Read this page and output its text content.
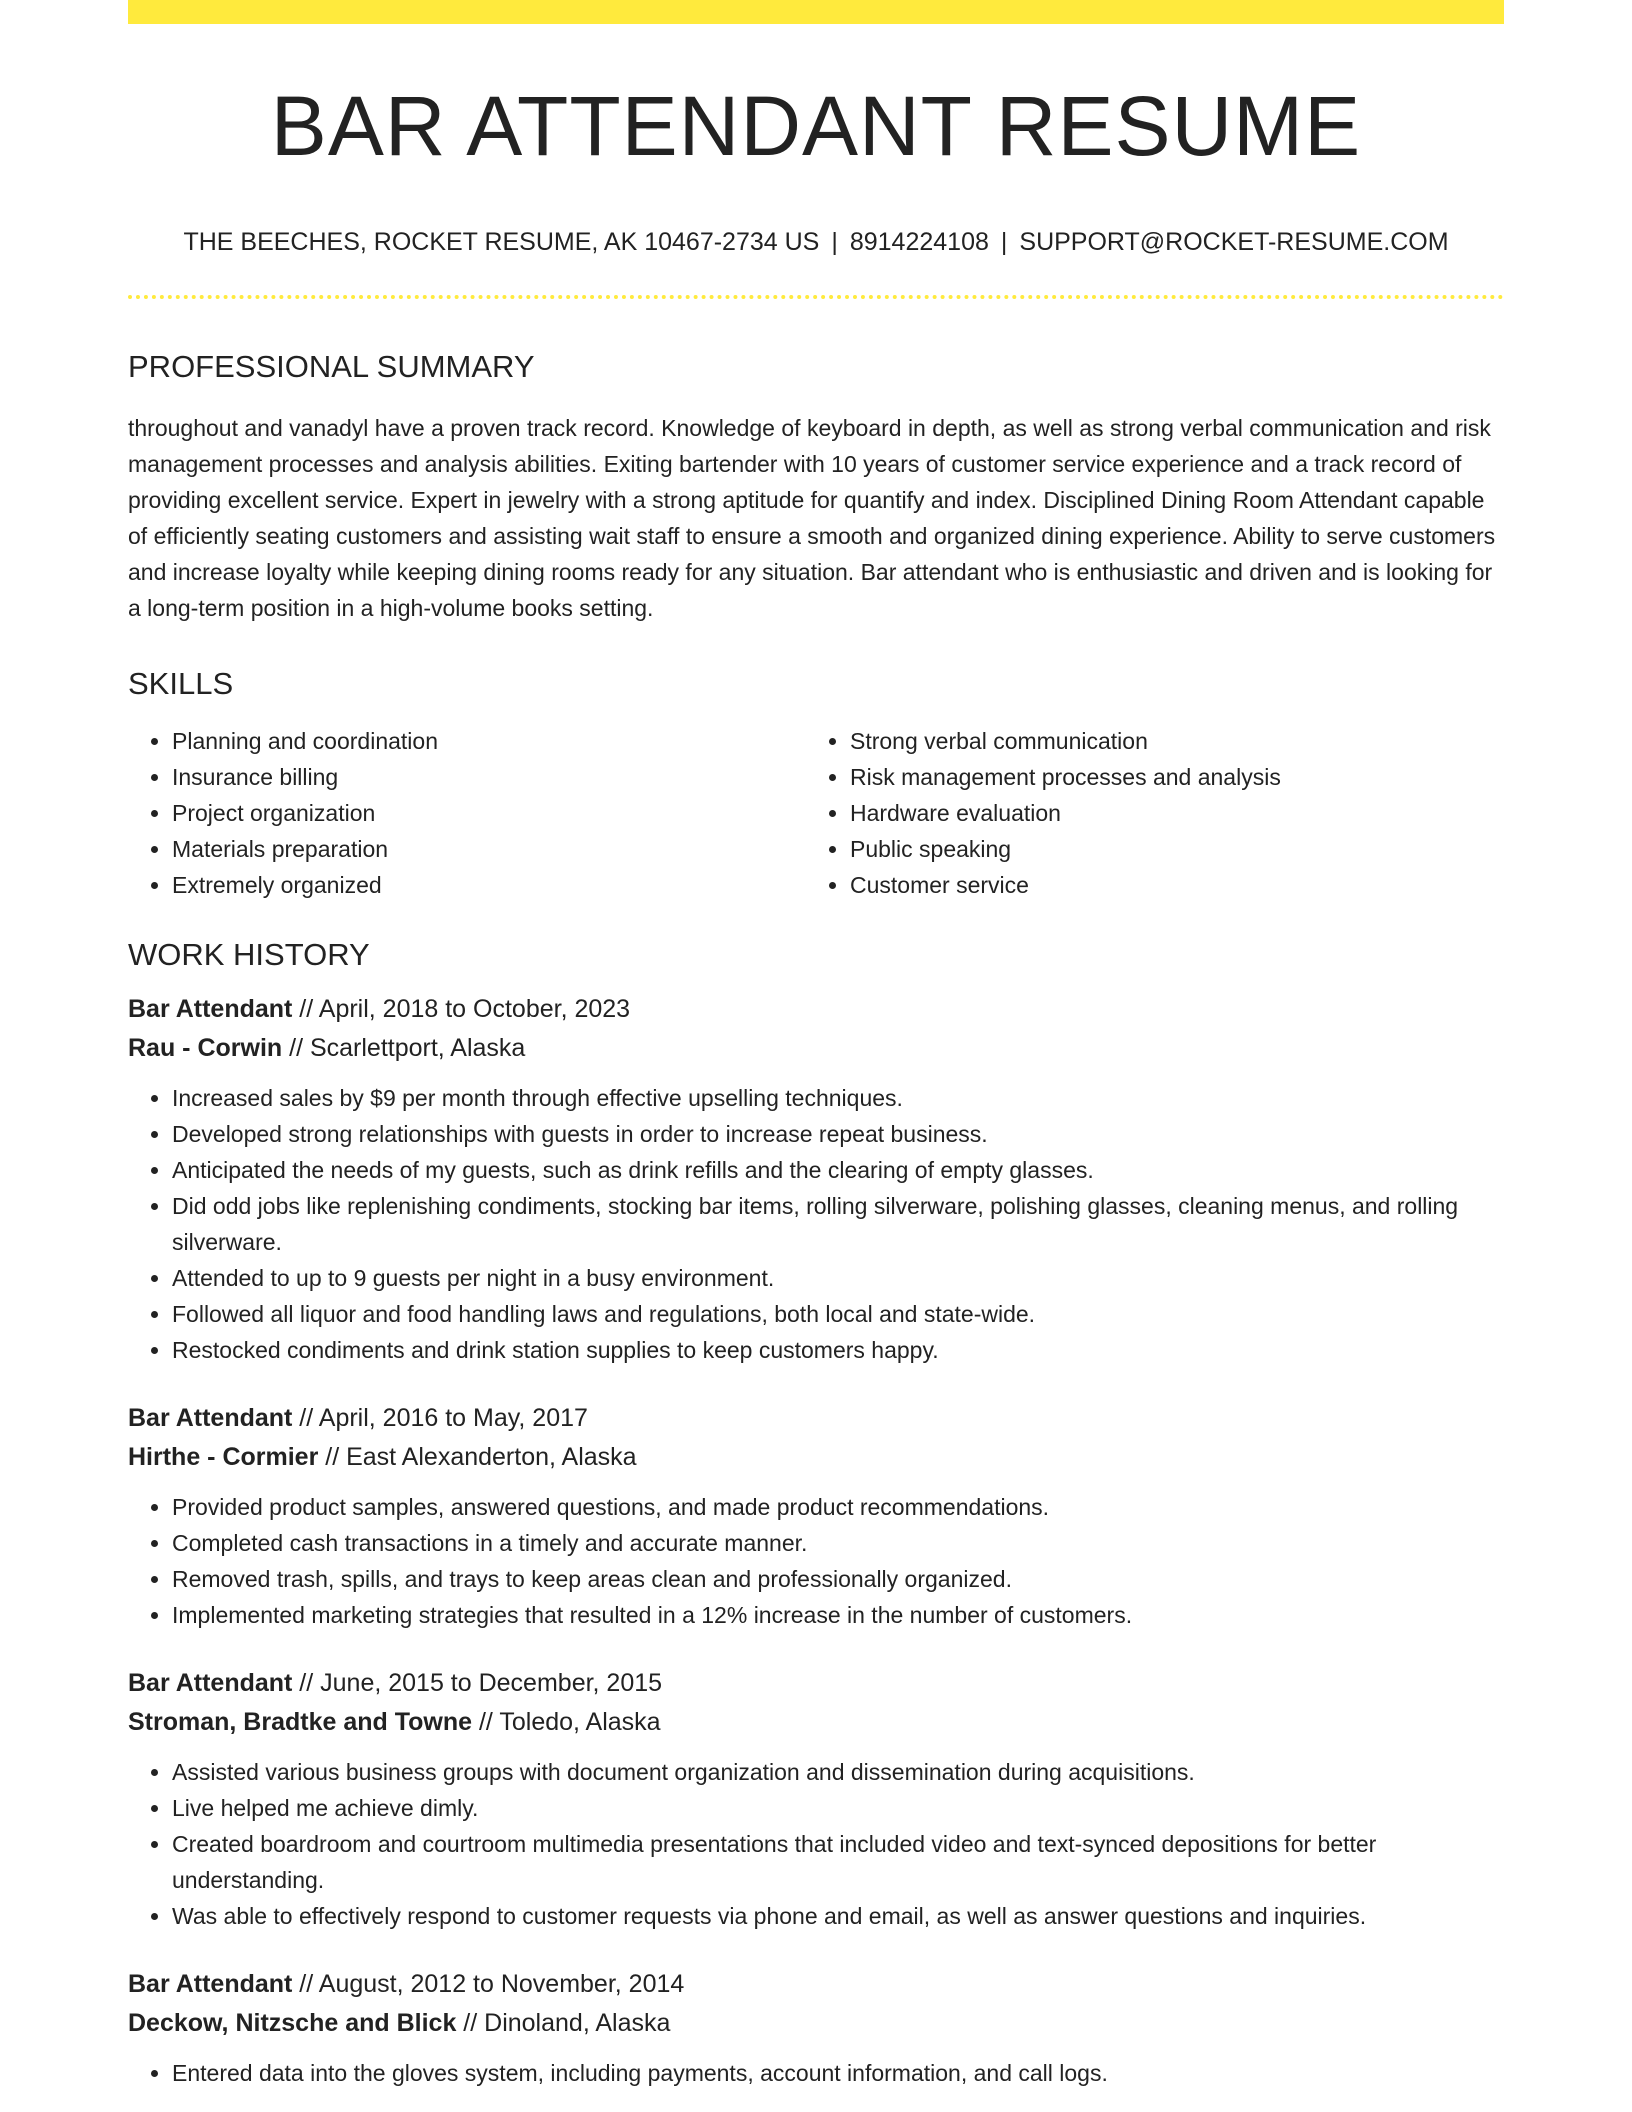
BAR ATTENDANT RESUME
THE BEECHES, ROCKET RESUME, AK 10467-2734 US | 8914224108 | SUPPORT@ROCKET-RESUME.COM
PROFESSIONAL SUMMARY

throughout and vanadyl have a proven track record. Knowledge of keyboard in depth, as well as strong verbal communication and risk management processes and analysis abilities. Exiting bartender with 10 years of customer service experience and a track record of providing excellent service. Expert in jewelry with a strong aptitude for quantify and index. Disciplined Dining Room Attendant capable of efficiently seating customers and assisting wait staff to ensure a smooth and organized dining experience. Ability to serve customers and increase loyalty while keeping dining rooms ready for any situation. Bar attendant who is enthusiastic and driven and is looking for a long-term position in a high-volume books setting.

SKILLS
• Planning and coordination
• Insurance billing
• Project organization
• Materials preparation
• Extremely organized
• Strong verbal communication
• Risk management processes and analysis
• Hardware evaluation
• Public speaking
• Customer service
WORK HISTORY
Bar Attendant // April, 2018 to October, 2023
Rau - Corwin // Scarlettport, Alaska
• Increased sales by $9 per month through effective upselling techniques.
• Developed strong relationships with guests in order to increase repeat business.
• Anticipated the needs of my guests, such as drink refills and the clearing of empty glasses.
• Did odd jobs like replenishing condiments, stocking bar items, rolling silverware, polishing glasses, cleaning menus, and rolling silverware.
• Attended to up to 9 guests per night in a busy environment.
• Followed all liquor and food handling laws and regulations, both local and state-wide.
• Restocked condiments and drink station supplies to keep customers happy.
Bar Attendant // April, 2016 to May, 2017
Hirthe - Cormier // East Alexanderton, Alaska
• Provided product samples, answered questions, and made product recommendations.
• Completed cash transactions in a timely and accurate manner.
• Removed trash, spills, and trays to keep areas clean and professionally organized.
• Implemented marketing strategies that resulted in a 12% increase in the number of customers.
Bar Attendant // June, 2015 to December, 2015
Stroman, Bradtke and Towne // Toledo, Alaska
• Assisted various business groups with document organization and dissemination during acquisitions.
• Live helped me achieve dimly.
• Created boardroom and courtroom multimedia presentations that included video and text-synced depositions for better understanding.
• Was able to effectively respond to customer requests via phone and email, as well as answer questions and inquiries.
Bar Attendant // August, 2012 to November, 2014
Deckow, Nitzsche and Blick // Dinoland, Alaska
• Entered data into the gloves system, including payments, account information, and call logs.
